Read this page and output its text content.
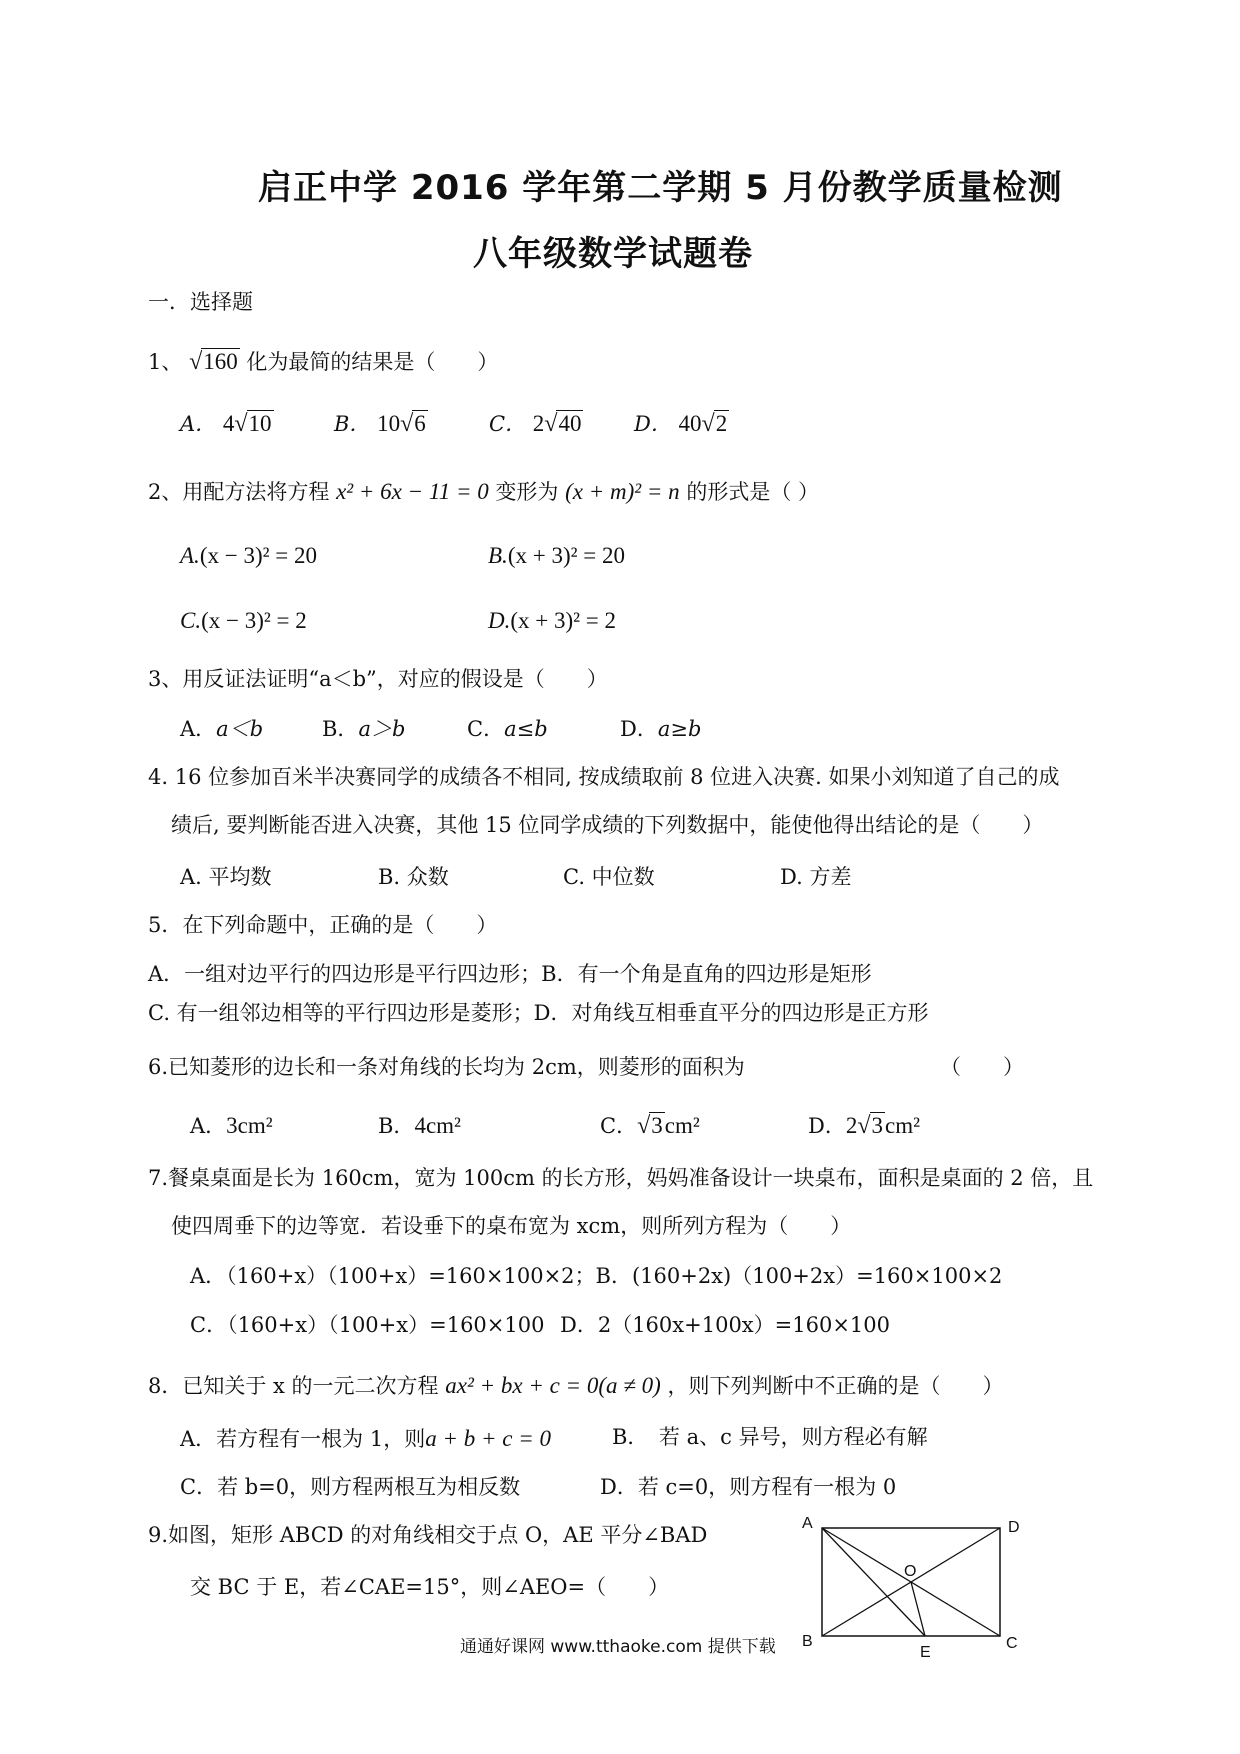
启正中学 2016 学年第二学期 5 月份教学质量检测
八年级数学试题卷
一．选择题
1、 √160 化为最简的结果是（　　）
A． 4√10	B． 10√6	C． 2√40	D． 40√2
2、用配方法将方程 x² + 6x − 11 = 0 变形为 (x + m)² = n 的形式是（ ）
A.(x − 3)² = 20	B.(x + 3)² = 20
C.(x − 3)² = 2	D.(x + 3)² = 2
3、用反证法证明“a＜b”，对应的假设是（　　）
A．a＜b	B．a＞b	C．a≤b	D．a≥b
4. 16 位参加百米半决赛同学的成绩各不相同, 按成绩取前 8 位进入决赛. 如果小刘知道了自己的成
绩后, 要判断能否进入决赛，其他 15 位同学成绩的下列数据中，能使他得出结论的是（　　）
A. 平均数	B. 众数	C. 中位数	D. 方差
5．在下列命题中，正确的是（　　）
A．一组对边平行的四边形是平行四边形；B．有一个角是直角的四边形是矩形
C. 有一组邻边相等的平行四边形是菱形；D．对角线互相垂直平分的四边形是正方形
6.已知菱形的边长和一条对角线的长均为 2cm，则菱形的面积为	（　　）
A．3cm²	B．4cm²	C．√3cm²	D．2√3cm²
7.餐桌桌面是长为 160cm，宽为 100cm 的长方形，妈妈准备设计一块桌布，面积是桌面的 2 倍，且
使四周垂下的边等宽．若设垂下的桌布宽为 xcm，则所列方程为（　　）
A．（160+x）（100+x）=160×100×2；B．(160+2x)（100+2x）=160×100×2
C．（160+x）（100+x）=160×100 D．2（160x+100x）=160×100
8．已知关于 x 的一元二次方程 ax² + bx + c = 0(a ≠ 0) ，则下列判断中不正确的是（　　）
A．若方程有一根为 1，则a + b + c = 0	B．　若 a、c 异号，则方程必有解
C．若 b=0，则方程两根互为相反数	D．若 c=0，则方程有一根为 0
9.如图，矩形 ABCD 的对角线相交于点 O，AE 平分∠BAD
交 BC 于 E，若∠CAE=15°，则∠AEO=（　　）
A	D
B	C
O
E
通通好课网 www.tthaoke.com 提供下载
